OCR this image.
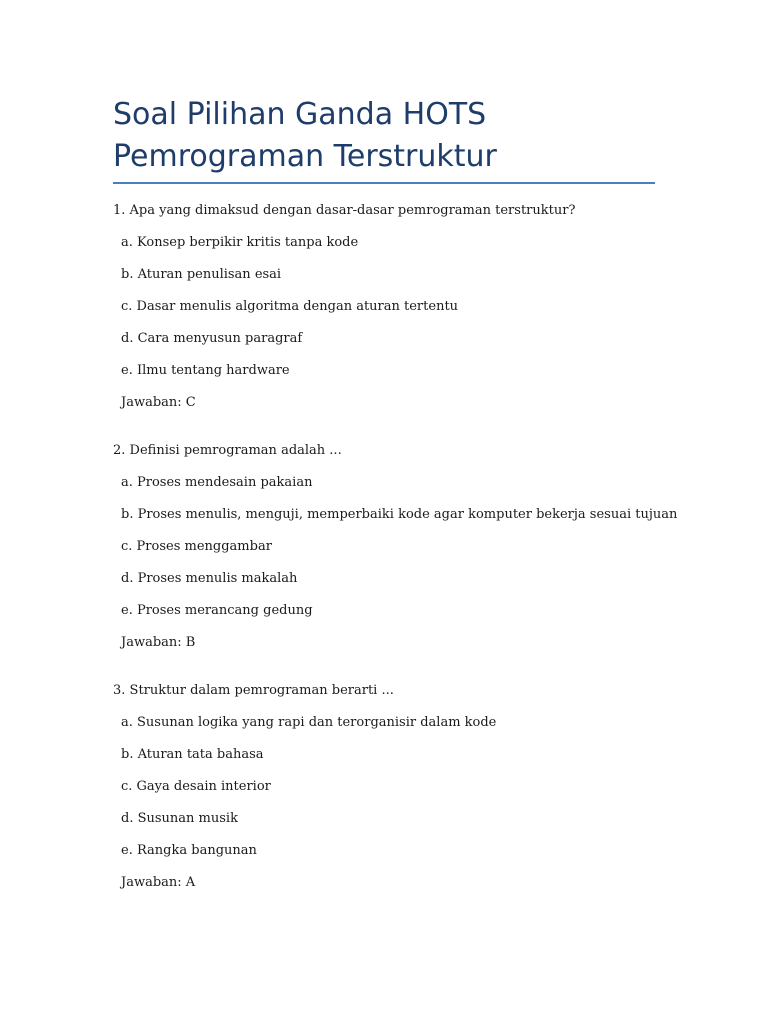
Soal Pilihan Ganda HOTS Pemrograman Terstruktur

1. Apa yang dimaksud dengan dasar-dasar pemrograman terstruktur?

a. Konsep berpikir kritis tanpa kode

b. Aturan penulisan esai

c. Dasar menulis algoritma dengan aturan tertentu

d. Cara menyusun paragraf

e. Ilmu tentang hardware

Jawaban: C

2. Definisi pemrograman adalah ...

a. Proses mendesain pakaian

b. Proses menulis, menguji, memperbaiki kode agar komputer bekerja sesuai tujuan

c. Proses menggambar

d. Proses menulis makalah

e. Proses merancang gedung

Jawaban: B

3. Struktur dalam pemrograman berarti ...

a. Susunan logika yang rapi dan terorganisir dalam kode

b. Aturan tata bahasa

c. Gaya desain interior

d. Susunan musik

e. Rangka bangunan

Jawaban: A
